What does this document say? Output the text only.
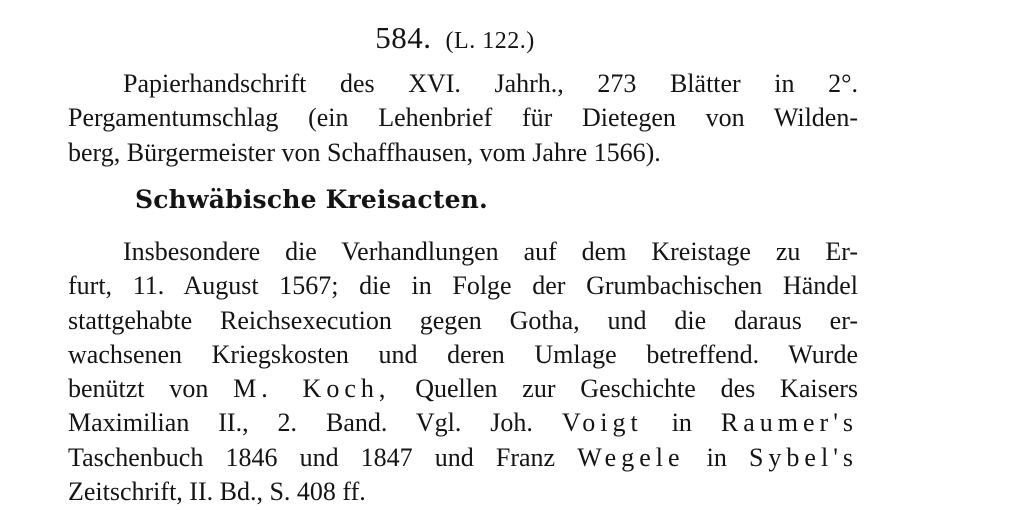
584. (L. 122.)
Papierhandschrift des XVI. Jahrh., 273 Blätter in 2°.
Pergamentumschlag (ein Lehenbrief für Dietegen von Wilden-
berg, Bürgermeister von Schaffhausen, vom Jahre 1566).
Schwäbische Kreisacten.
Insbesondere die Verhandlungen auf dem Kreistage zu Er-
furt, 11. August 1567; die in Folge der Grumbachischen Händel
stattgehabte Reichsexecution gegen Gotha, und die daraus er-
wachsenen Kriegskosten und deren Umlage betreffend. Wurde
benützt von M. Koch, Quellen zur Geschichte des Kaisers
Maximilian II., 2. Band. Vgl. Joh. Voigt in Raumer's
Taschenbuch 1846 und 1847 und Franz Wegele in Sybel's
Zeitschrift, II. Bd., S. 408 ff.
